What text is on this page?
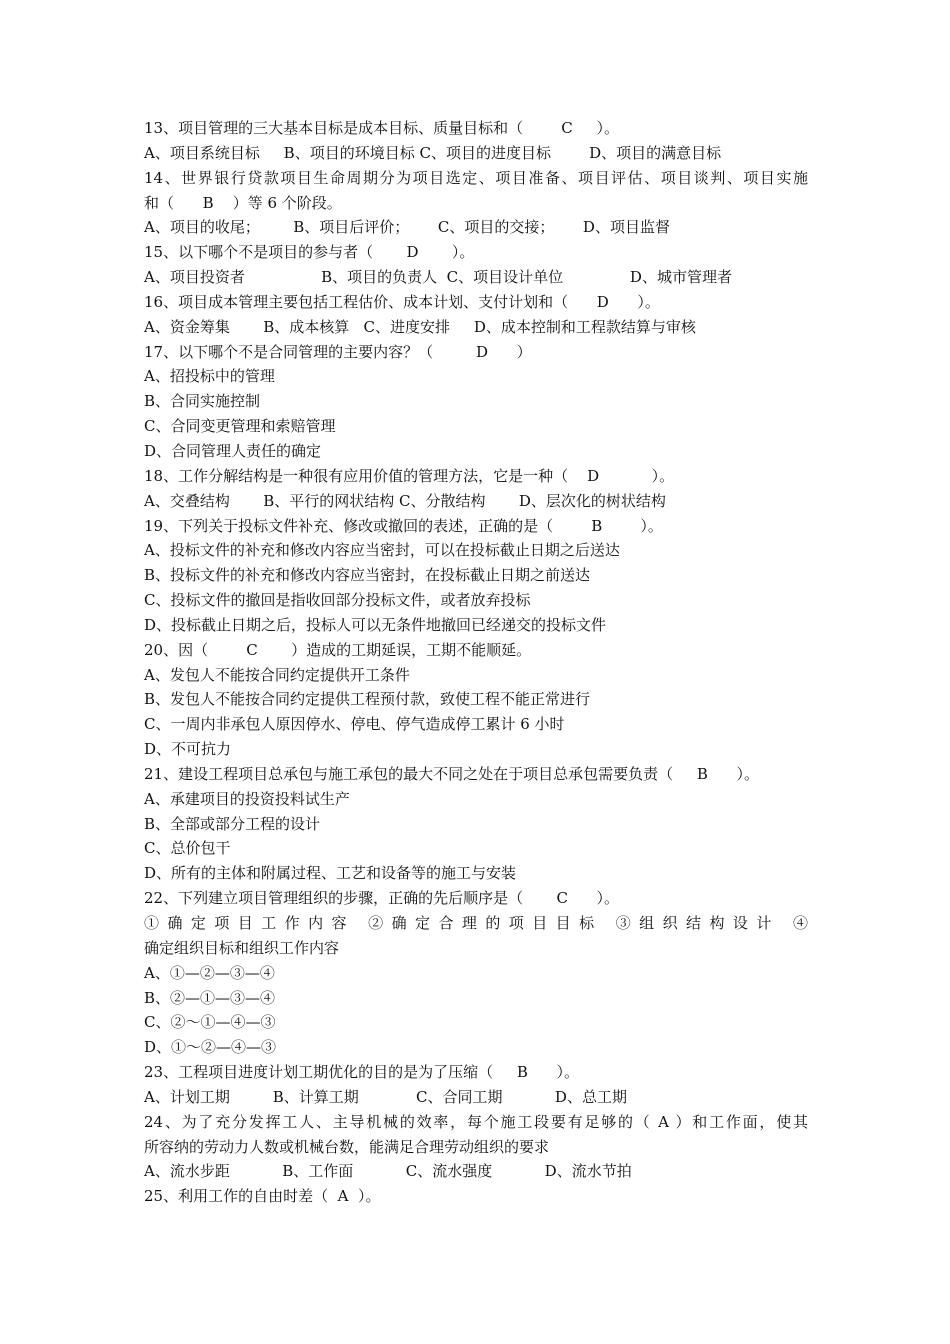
13、项目管理的三大基本目标是成本目标、质量目标和（        C     ）。
A、项目系统目标     B、项目的环境目标 C、项目的进度目标        D、项目的满意目标
14、世界银行贷款项目生命周期分为项目选定、项目准备、项目评估、项目谈判、项目实施
和（      B    ）等 6 个阶段。
A、项目的收尾；       B、项目后评价；      C、项目的交接；      D、项目监督
15、以下哪个不是项目的参与者（       D       ）。
A、项目投资者                B、项目的负责人  C、项目设计单位              D、城市管理者
16、项目成本管理主要包括工程估价、成本计划、支付计划和（      D      ）。
A、资金筹集       B、成本核算   C、进度安排     D、成本控制和工程款结算与审核
17、以下哪个不是合同管理的主要内容？（         D      ）
A、招投标中的管理
B、合同实施控制
C、合同变更管理和索赔管理
D、合同管理人责任的确定
18、工作分解结构是一种很有应用价值的管理方法，它是一种（    D           ）。
A、交叠结构       B、平行的网状结构 C、分散结构       D、层次化的树状结构
19、下列关于投标文件补充、修改或撤回的表述，正确的是（        B        ）。
A、投标文件的补充和修改内容应当密封，可以在投标截止日期之后送达
B、投标文件的补充和修改内容应当密封，在投标截止日期之前送达
C、投标文件的撤回是指收回部分投标文件，或者放弃投标
D、投标截止日期之后，投标人可以无条件地撤回已经递交的投标文件
20、因（        C       ）造成的工期延误，工期不能顺延。
A、发包人不能按合同约定提供开工条件
B、发包人不能按合同约定提供工程预付款，致使工程不能正常进行
C、一周内非承包人原因停水、停电、停气造成停工累计 6 小时
D、不可抗力
21、建设工程项目总承包与施工承包的最大不同之处在于项目总承包需要负责（     B      ）。
A、承建项目的投资投料试生产
B、全部或部分工程的设计
C、总价包干
D、所有的主体和附属过程、工艺和设备等的施工与安装
22、下列建立项目管理组织的步骤，正确的先后顺序是（       C      ）。
①确定项目工作内容 ②确定合理的项目目标 ③组织结构设计 ④
确定组织目标和组织工作内容
A、①—②—③—④
B、②—①—③—④
C、②～①—④—③
D、①～②—④—③
23、工程项目进度计划工期优化的目的是为了压缩（     B      ）。
A、计划工期         B、计算工期            C、合同工期           D、总工期
24、为了充分发挥工人、主导机械的效率，每个施工段要有足够的（ A ）和工作面，使其
所容纳的劳动力人数或机械台数，能满足合理劳动组织的要求
A、流水步距           B、工作面           C、流水强度           D、流水节拍
25、利用工作的自由时差（  A  ）。
